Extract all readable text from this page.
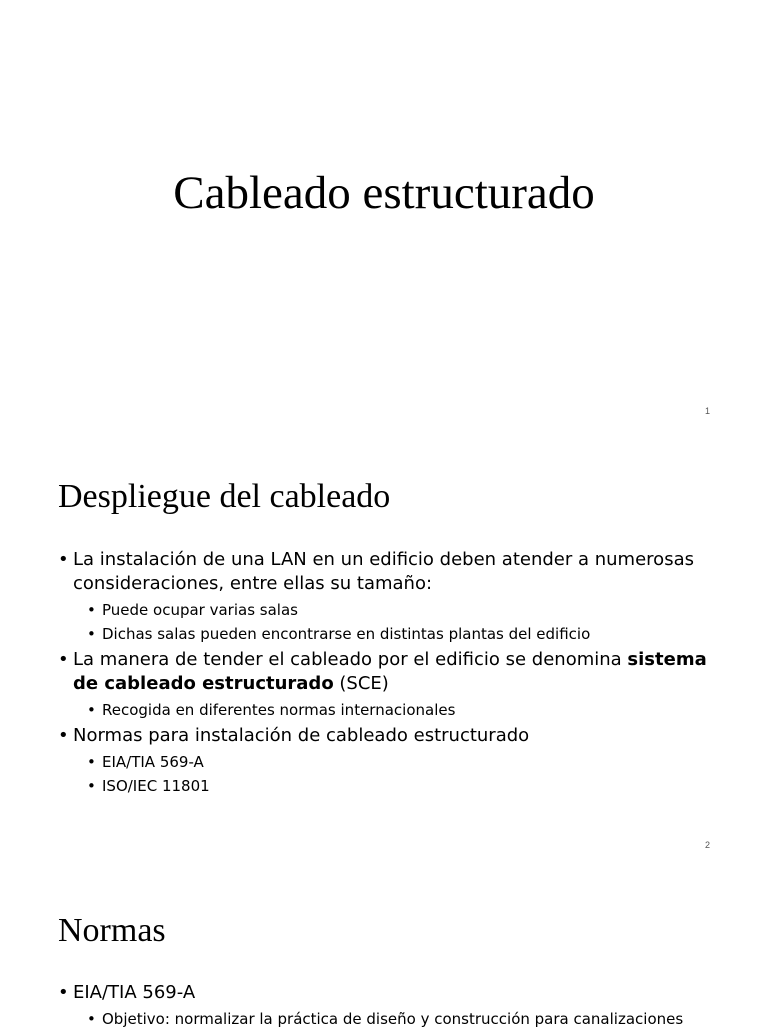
Cableado estructurado
1
Despliegue del cableado
• La instalación de una LAN en un edificio deben atender a numerosas consideraciones, entre ellas su tamaño:
• Puede ocupar varias salas
• Dichas salas pueden encontrarse en distintas plantas del edificio
• La manera de tender el cableado por el edificio se denomina sistema de cableado estructurado (SCE)
• Recogida en diferentes normas internacionales
• Normas para instalación de cableado estructurado
• EIA/TIA 569-A
• ISO/IEC 11801
2
Normas
• EIA/TIA 569-A
• Objetivo: normalizar la práctica de diseño y construcción para canalizaciones
